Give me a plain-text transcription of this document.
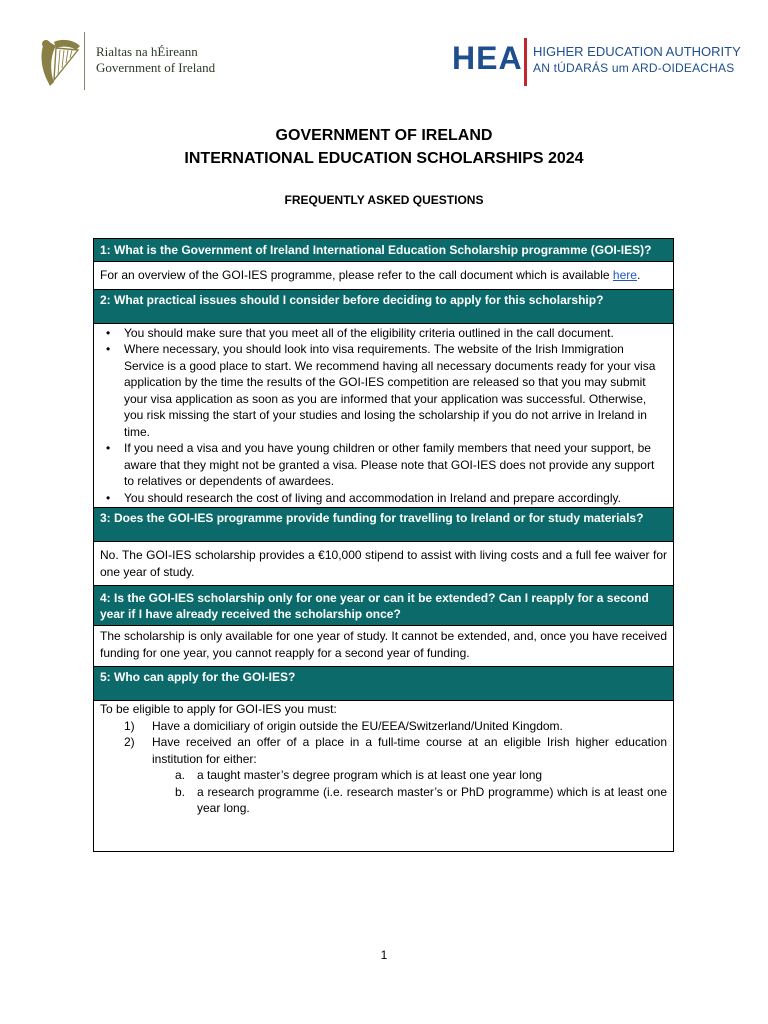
Rialtas na hÉireann
Government of Ireland	HEA HIGHER EDUCATION AUTHORITY
AN tÚDARÁS um ARD-OIDEACHAS
GOVERNMENT OF IRELAND
INTERNATIONAL EDUCATION SCHOLARSHIPS 2024
FREQUENTLY ASKED QUESTIONS
1: What is the Government of Ireland International Education Scholarship programme (GOI-IES)?
For an overview of the GOI-IES programme, please refer to the call document which is available here.
2: What practical issues should I consider before deciding to apply for this scholarship?
• You should make sure that you meet all of the eligibility criteria outlined in the call document.
• Where necessary, you should look into visa requirements. The website of the Irish Immigration Service is a good place to start. We recommend having all necessary documents ready for your visa application by the time the results of the GOI-IES competition are released so that you may submit your visa application as soon as you are informed that your application was successful. Otherwise, you risk missing the start of your studies and losing the scholarship if you do not arrive in Ireland in time.
• If you need a visa and you have young children or other family members that need your support, be aware that they might not be granted a visa. Please note that GOI-IES does not provide any support to relatives or dependents of awardees.
• You should research the cost of living and accommodation in Ireland and prepare accordingly.
3: Does the GOI-IES programme provide funding for travelling to Ireland or for study materials?
No. The GOI-IES scholarship provides a €10,000 stipend to assist with living costs and a full fee waiver for one year of study.
4: Is the GOI-IES scholarship only for one year or can it be extended? Can I reapply for a second year if I have already received the scholarship once?
The scholarship is only available for one year of study. It cannot be extended, and, once you have received funding for one year, you cannot reapply for a second year of funding.
5: Who can apply for the GOI-IES?
To be eligible to apply for GOI-IES you must:
1) Have a domiciliary of origin outside the EU/EEA/Switzerland/United Kingdom.
2) Have received an offer of a place in a full-time course at an eligible Irish higher education institution for either:
a. a taught master’s degree program which is at least one year long
b. a research programme (i.e. research master’s or PhD programme) which is at least one year long.
1
